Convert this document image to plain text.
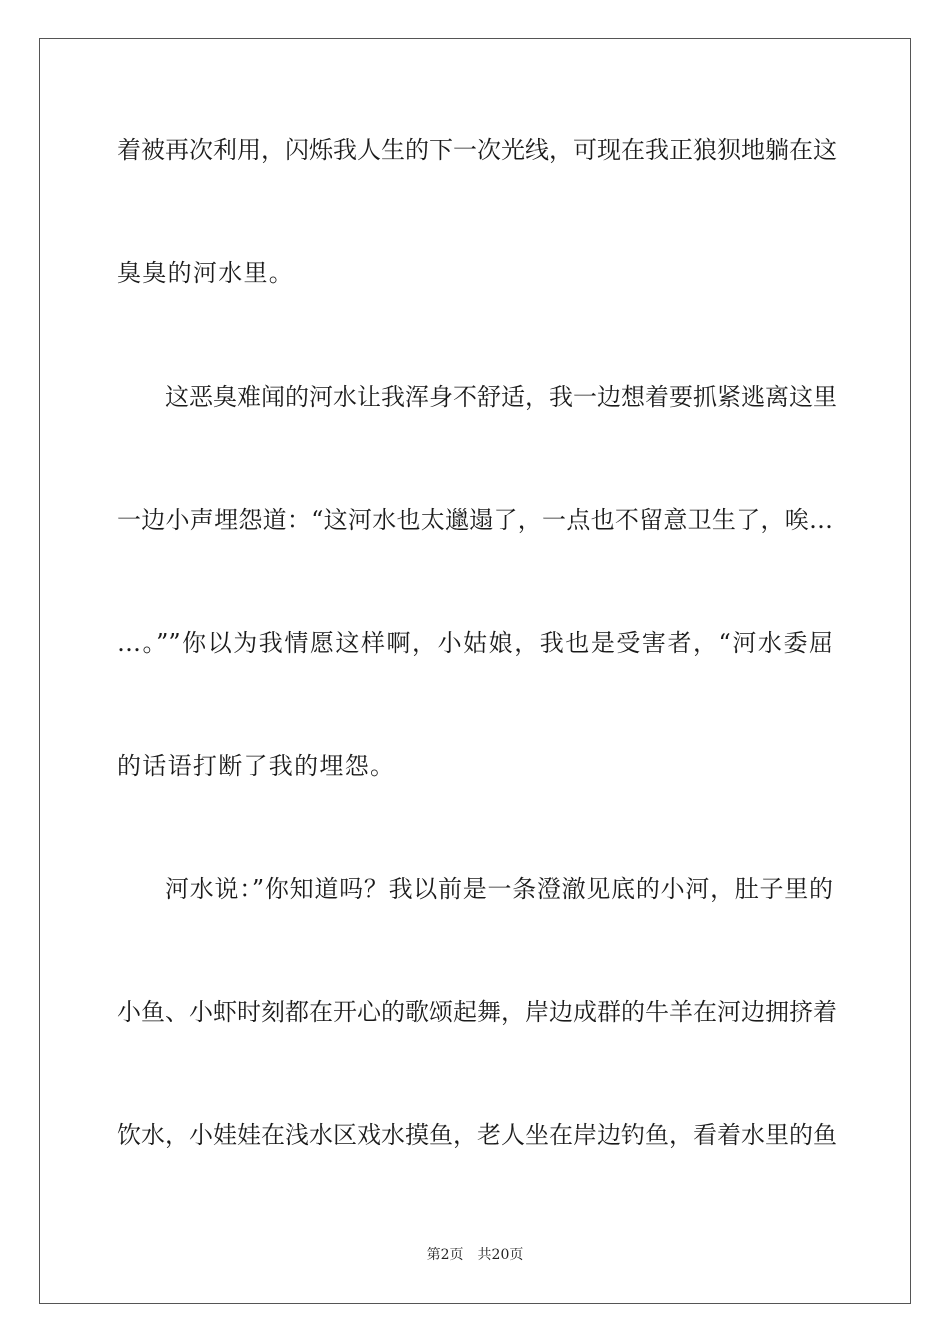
着被再次利用，闪烁我人生的下一次光线，可现在我正狼狈地躺在这
臭臭的河水里。
这恶臭难闻的河水让我浑身不舒适，我一边想着要抓紧逃离这里
一边小声埋怨道：“这河水也太邋遢了，一点也不留意卫生了，唉…
…。””你以为我情愿这样啊，小姑娘，我也是受害者，“河水委屈
的话语打断了我的埋怨。
河水说：”你知道吗？我以前是一条澄澈见底的小河，肚子里的
小鱼、小虾时刻都在开心的歌颂起舞，岸边成群的牛羊在河边拥挤着
饮水，小娃娃在浅水区戏水摸鱼，老人坐在岸边钓鱼，看着水里的鱼
第2页 共20页
